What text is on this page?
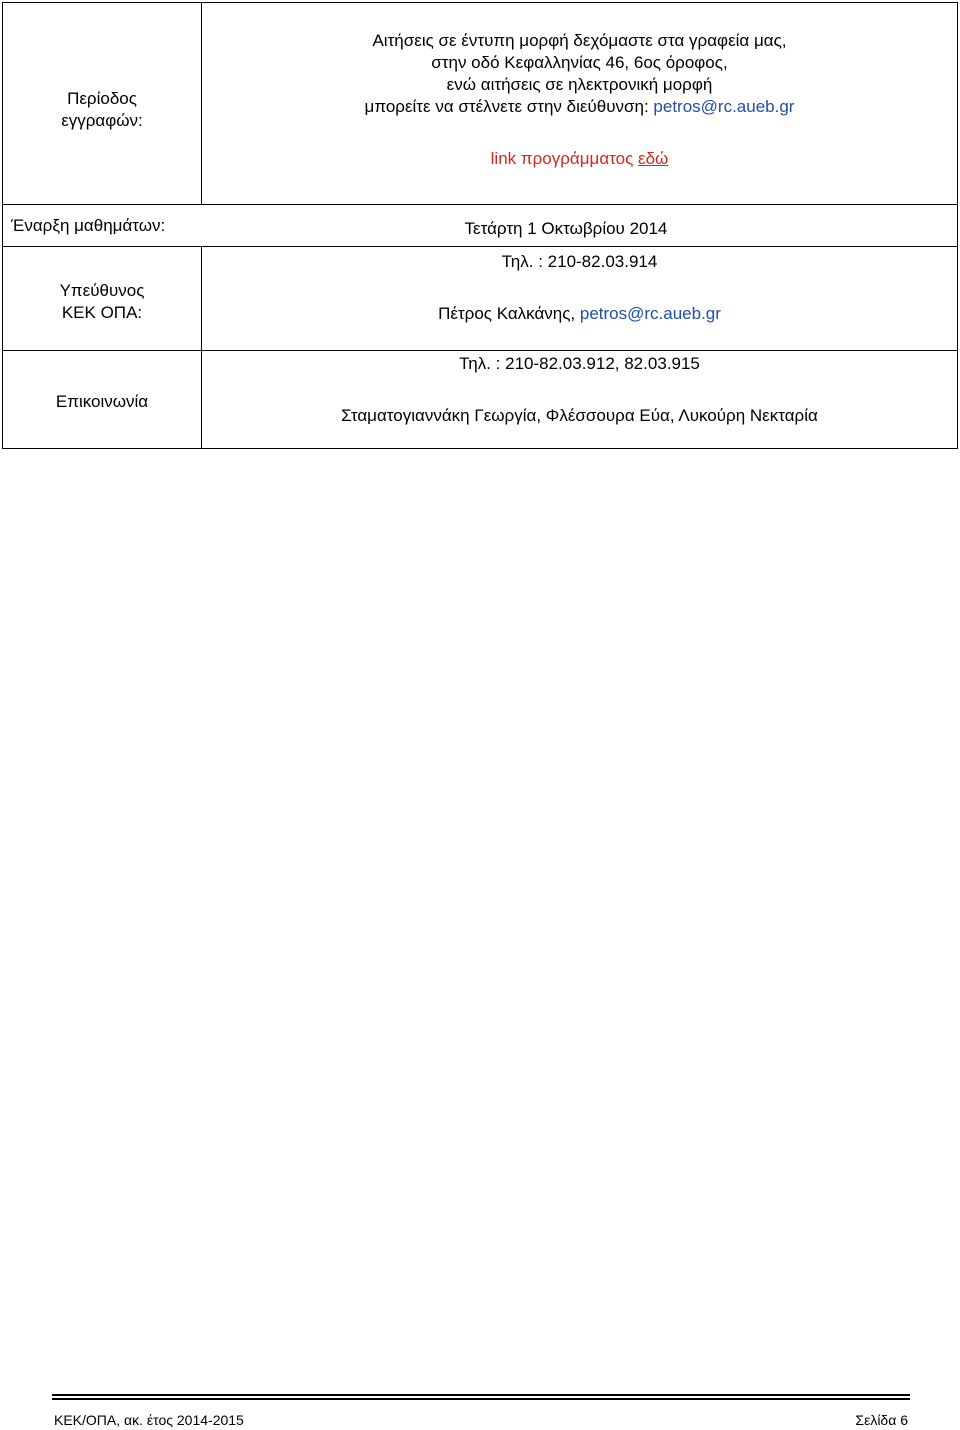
Περίοδος
εγγραφών:	Αιτήσεις σε έντυπη μορφή δεχόμαστε στα γραφεία μας,
στην οδό Κεφαλληνίας 46, 6ος όροφος,
ενώ αιτήσεις σε ηλεκτρονική μορφή
μπορείτε να στέλνετε στην διεύθυνση: petros@rc.aueb.gr
link προγράμματος εδώ

Έναρξη μαθημάτων: Τετάρτη 1 Οκτωβρίου 2014	

Υπεύθυνος
ΚΕΚ ΟΠΑ:	Τηλ. : 210-82.03.914
Πέτρος Καλκάνης, petros@rc.aueb.gr

Επικοινωνία	Τηλ. : 210-82.03.912, 82.03.915
Σταματογιαννάκη Γεωργία, Φλέσσουρα Εύα, Λυκούρη Νεκταρία
ΚΕΚ/ΟΠΑ, ακ. έτος 2014-2015	Σελίδα 6
